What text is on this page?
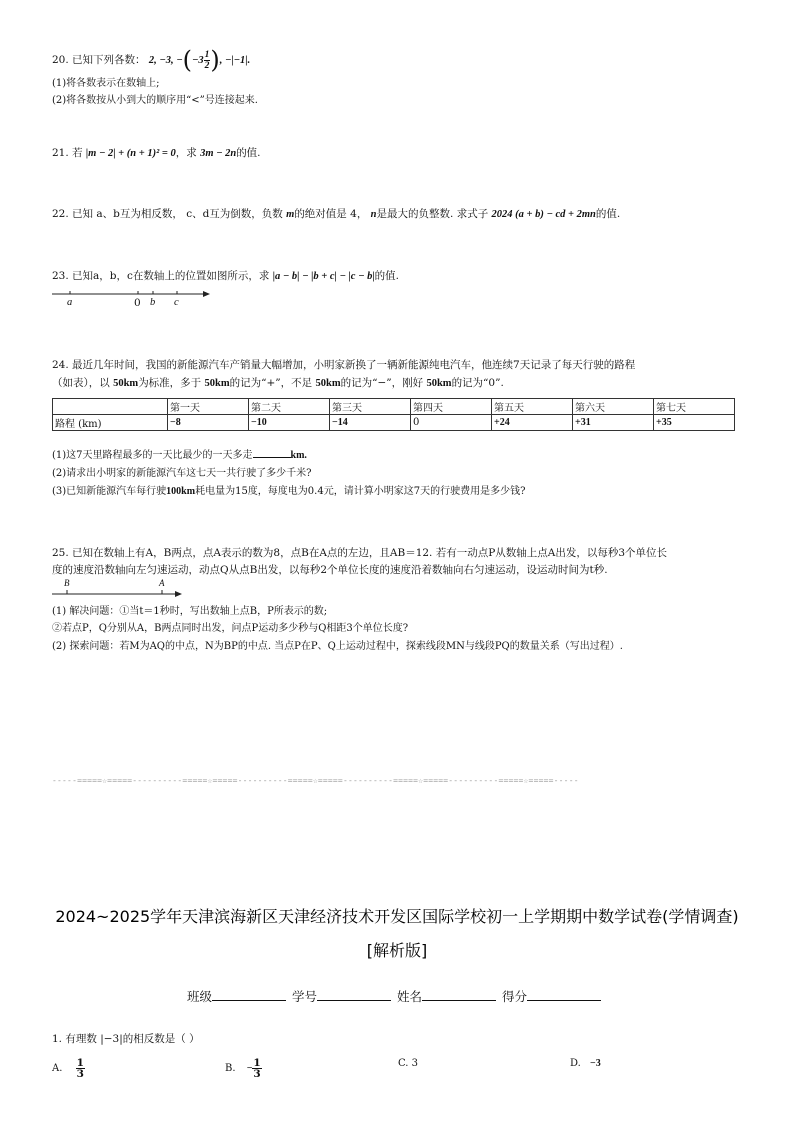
20. 已知下列各数： 2, −3, $-(-3 \frac{1}{2}$ ), −|−1|.
(1)将各数表示在数轴上;
(2)将各数按从小到大的顺序用“<”号连接起来.
21. 若 |m − 2| + (n + 1)² = 0，求 3m − 2n的值.
22. 已知 a、b互为相反数， c、d互为倒数，负数 m的绝对值是 4， n是最大的负整数. 求式子 2024 (a + b) − cd + 2mn的值.
23. 已知a，b，c在数轴上的位置如图所示，求 |a − b| − |b + c| − |c − b|的值.
a	0 b c
24. 最近几年时间，我国的新能源汽车产销量大幅增加，小明家新换了一辆新能源纯电汽车，他连续7天记录了每天行驶的路程
（如表），以 50km为标准，多于 50km的记为“+”，不足 50km的记为“−”，刚好 50km的记为“0”.
	第一天	第二天	第三天	第四天	第五天	第六天	第七天
路程 (km)	−8	−10	−14	0	+24	+31	+35
(1)这7天里路程最多的一天比最少的一天多走	km.
(2)请求出小明家的新能源汽车这七天一共行驶了多少千米?
(3)已知新能源汽车每行驶100km耗电量为15度，每度电为0.4元，请计算小明家这7天的行驶费用是多少钱?
25. 已知在数轴上有A，B两点，点A表示的数为8，点B在A点的左边，且AB＝12. 若有一动点P从数轴上点A出发，以每秒3个单位长
度的速度沿数轴向左匀速运动，动点Q从点B出发，以每秒2个单位长度的速度沿着数轴向右匀速运动，设运动时间为t秒.
B	A
(1) 解决问题：①当t＝1秒时，写出数轴上点B，P所表示的数;
②若点P，Q分别从A，B两点同时出发，问点P运动多少秒与Q相距3个单位长度?
(2) 探索问题：若M为AQ的中点，N为BP的中点. 当点P在P、Q上运动过程中，探索线段MN与线段PQ的数量关系（写出过程）.
-----=====☆=====----------=====☆=====----------=====☆=====----------=====☆=====----------=====☆=====-----
2024~2025学年天津滨海新区天津经济技术开发区国际学校初一上学期期中数学试卷(学情调查)[解析版]
班级	学号	姓名	得分
1. 有理数 |−3|的相反数是（ ）
A. $\frac{1}{3}$	B. − $\frac{1}{3}$	C. 3	D. −3
